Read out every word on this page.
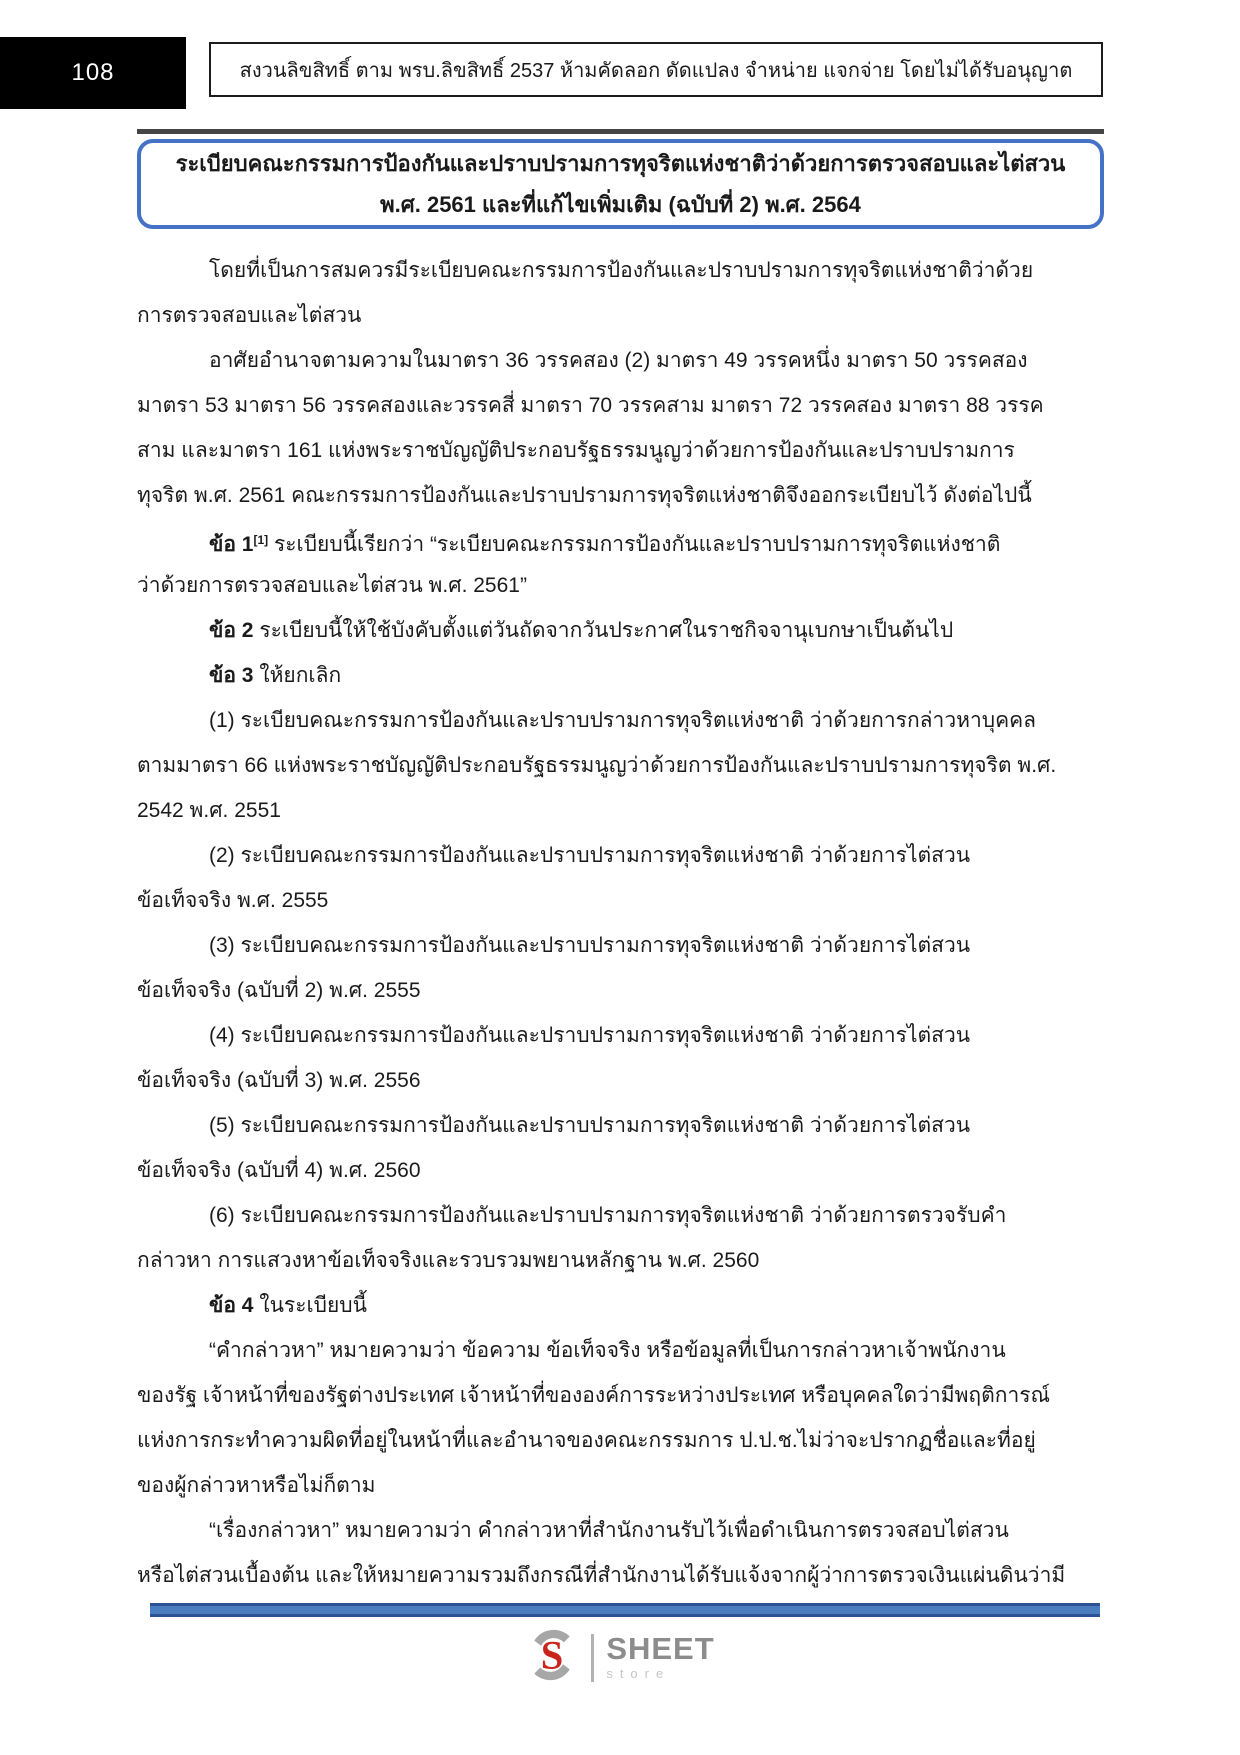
108	สงวนลิขสิทธิ์ ตาม พรบ.ลิขสิทธิ์ 2537 ห้ามคัดลอก ดัดแปลง จำหน่าย แจกจ่าย โดยไม่ได้รับอนุญาต
ระเบียบคณะกรรมการป้องกันและปราบปรามการทุจริตแห่งชาติว่าด้วยการตรวจสอบและไต่สวน
พ.ศ. 2561 และที่แก้ไขเพิ่มเติม (ฉบับที่ 2) พ.ศ. 2564
โดยที่เป็นการสมควรมีระเบียบคณะกรรมการป้องกันและปราบปรามการทุจริตแห่งชาติว่าด้วย
การตรวจสอบและไต่สวน
อาศัยอำนาจตามความในมาตรา 36 วรรคสอง (2) มาตรา 49 วรรคหนึ่ง มาตรา 50 วรรคสอง
มาตรา 53 มาตรา 56 วรรคสองและวรรคสี่ มาตรา 70 วรรคสาม มาตรา 72 วรรคสอง มาตรา 88 วรรค
สาม และมาตรา 161 แห่งพระราชบัญญัติประกอบรัฐธรรมนูญว่าด้วยการป้องกันและปราบปรามการ
ทุจริต พ.ศ. 2561 คณะกรรมการป้องกันและปราบปรามการทุจริตแห่งชาติจึงออกระเบียบไว้ ดังต่อไปนี้
ข้อ 1[1] ระเบียบนี้เรียกว่า “ระเบียบคณะกรรมการป้องกันและปราบปรามการทุจริตแห่งชาติ
ว่าด้วยการตรวจสอบและไต่สวน พ.ศ. 2561”
ข้อ 2 ระเบียบนี้ให้ใช้บังคับตั้งแต่วันถัดจากวันประกาศในราชกิจจานุเบกษาเป็นต้นไป
ข้อ 3 ให้ยกเลิก
(1) ระเบียบคณะกรรมการป้องกันและปราบปรามการทุจริตแห่งชาติ ว่าด้วยการกล่าวหาบุคคล
ตามมาตรา 66 แห่งพระราชบัญญัติประกอบรัฐธรรมนูญว่าด้วยการป้องกันและปราบปรามการทุจริต พ.ศ.
2542 พ.ศ. 2551
(2) ระเบียบคณะกรรมการป้องกันและปราบปรามการทุจริตแห่งชาติ ว่าด้วยการไต่สวน
ข้อเท็จจริง พ.ศ. 2555
(3) ระเบียบคณะกรรมการป้องกันและปราบปรามการทุจริตแห่งชาติ ว่าด้วยการไต่สวน
ข้อเท็จจริง (ฉบับที่ 2) พ.ศ. 2555
(4) ระเบียบคณะกรรมการป้องกันและปราบปรามการทุจริตแห่งชาติ ว่าด้วยการไต่สวน
ข้อเท็จจริง (ฉบับที่ 3) พ.ศ. 2556
(5) ระเบียบคณะกรรมการป้องกันและปราบปรามการทุจริตแห่งชาติ ว่าด้วยการไต่สวน
ข้อเท็จจริง (ฉบับที่ 4) พ.ศ. 2560
(6) ระเบียบคณะกรรมการป้องกันและปราบปรามการทุจริตแห่งชาติ ว่าด้วยการตรวจรับคำ
กล่าวหา การแสวงหาข้อเท็จจริงและรวบรวมพยานหลักฐาน พ.ศ. 2560
ข้อ 4 ในระเบียบนี้
“คำกล่าวหา” หมายความว่า ข้อความ ข้อเท็จจริง หรือข้อมูลที่เป็นการกล่าวหาเจ้าพนักงาน
ของรัฐ เจ้าหน้าที่ของรัฐต่างประเทศ เจ้าหน้าที่ขององค์การระหว่างประเทศ หรือบุคคลใดว่ามีพฤติการณ์
แห่งการกระทำความผิดที่อยู่ในหน้าที่และอำนาจของคณะกรรมการ ป.ป.ช.ไม่ว่าจะปรากฏชื่อและที่อยู่
ของผู้กล่าวหาหรือไม่ก็ตาม
“เรื่องกล่าวหา” หมายความว่า คำกล่าวหาที่สำนักงานรับไว้เพื่อดำเนินการตรวจสอบไต่สวน
หรือไต่สวนเบื้องต้น และให้หมายความรวมถึงกรณีที่สำนักงานได้รับแจ้งจากผู้ว่าการตรวจเงินแผ่นดินว่ามี
S SHEET
store
